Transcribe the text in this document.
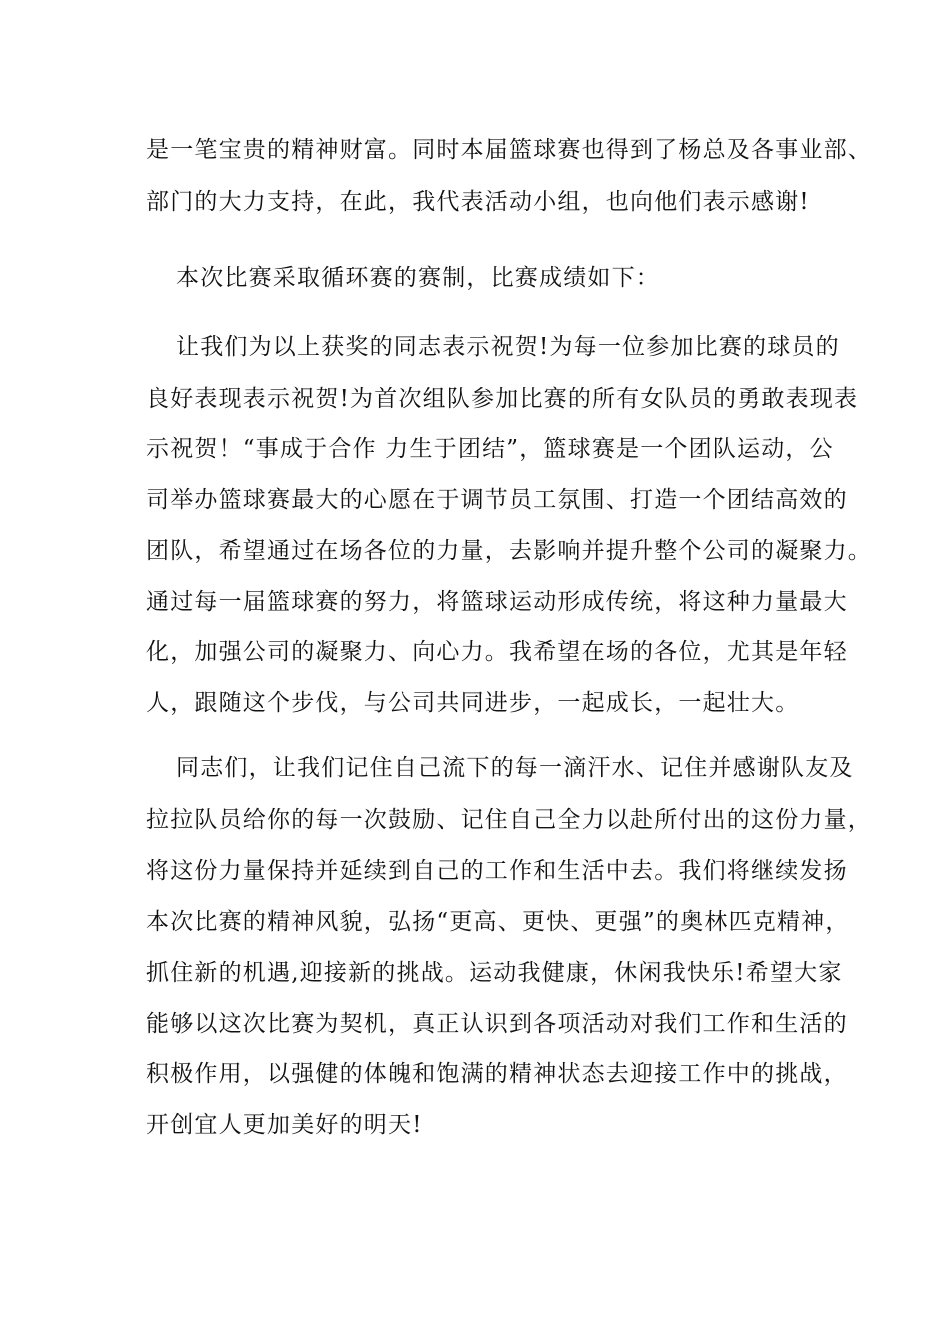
是一笔宝贵的精神财富。同时本届篮球赛也得到了杨总及各事业部、
部门的大力支持，在此，我代表活动小组，也向他们表示感谢!
本次比赛采取循环赛的赛制，比赛成绩如下：
让我们为以上获奖的同志表示祝贺!为每一位参加比赛的球员的
良好表现表示祝贺!为首次组队参加比赛的所有女队员的勇敢表现表
示祝贺！“事成于合作 力生于团结”，篮球赛是一个团队运动，公
司举办篮球赛最大的心愿在于调节员工氛围、打造一个团结高效的
团队，希望通过在场各位的力量，去影响并提升整个公司的凝聚力。
通过每一届篮球赛的努力，将篮球运动形成传统，将这种力量最大
化，加强公司的凝聚力、向心力。我希望在场的各位，尤其是年轻
人，跟随这个步伐，与公司共同进步，一起成长，一起壮大。
同志们，让我们记住自己流下的每一滴汗水、记住并感谢队友及
拉拉队员给你的每一次鼓励、记住自己全力以赴所付出的这份力量，
将这份力量保持并延续到自己的工作和生活中去。我们将继续发扬
本次比赛的精神风貌，弘扬“更高、更快、更强”的奥林匹克精神，
抓住新的机遇,迎接新的挑战。运动我健康，休闲我快乐!希望大家
能够以这次比赛为契机，真正认识到各项活动对我们工作和生活的
积极作用，以强健的体魄和饱满的精神状态去迎接工作中的挑战，
开创宜人更加美好的明天!
